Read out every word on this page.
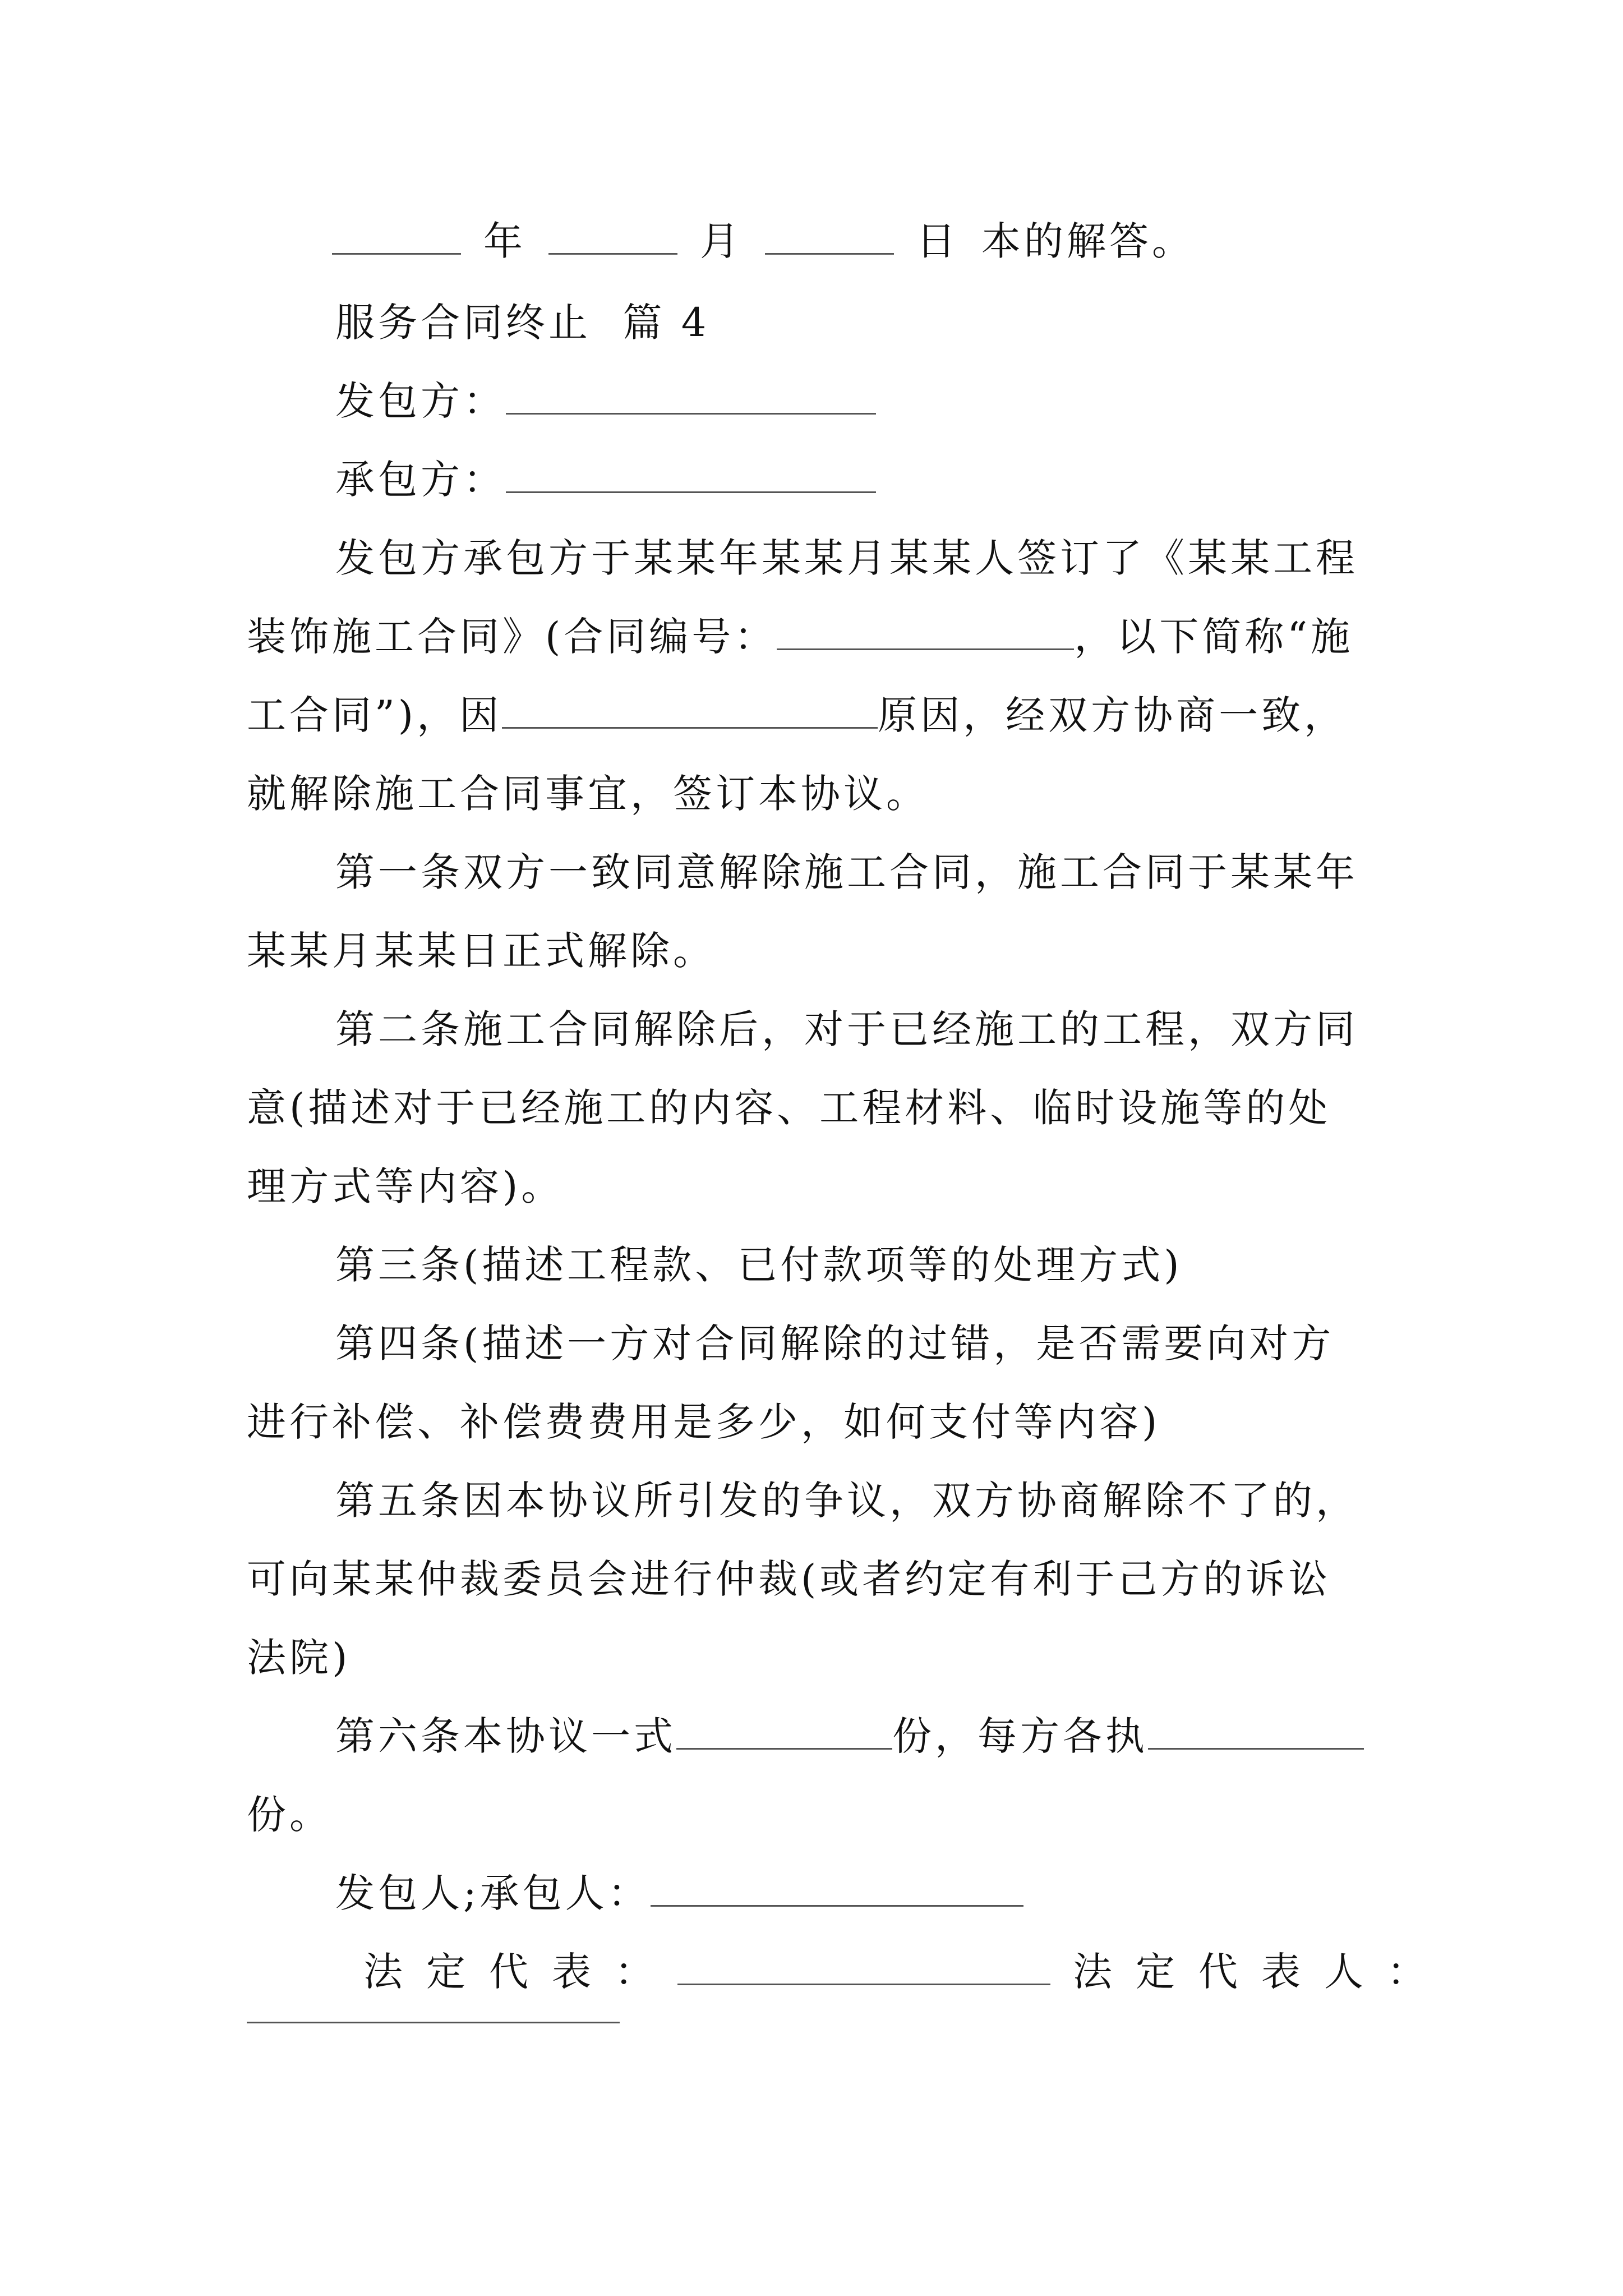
年	月	日 本的解答。
服务合同终止  篇 4
发包方：
承包方：
发包方承包方于某某年某某月某某人签订了《某某工程
装饰施工合同》(合同编号：	，以下简称“施
工合同”)，因	原因，经双方协商一致，
就解除施工合同事宜，签订本协议。
第一条双方一致同意解除施工合同，施工合同于某某年
某某月某某日正式解除。
第二条施工合同解除后，对于已经施工的工程，双方同
意(描述对于已经施工的内容、工程材料、临时设施等的处
理方式等内容)。
第三条(描述工程款、已付款项等的处理方式)
第四条(描述一方对合同解除的过错，是否需要向对方
进行补偿、补偿费费用是多少，如何支付等内容)
第五条因本协议所引发的争议，双方协商解除不了的，
可向某某仲裁委员会进行仲裁(或者约定有利于己方的诉讼
法院)
第六条本协议一式	份，每方各执
份。
发包人;承包人：
法定代表：	法定代表人：
